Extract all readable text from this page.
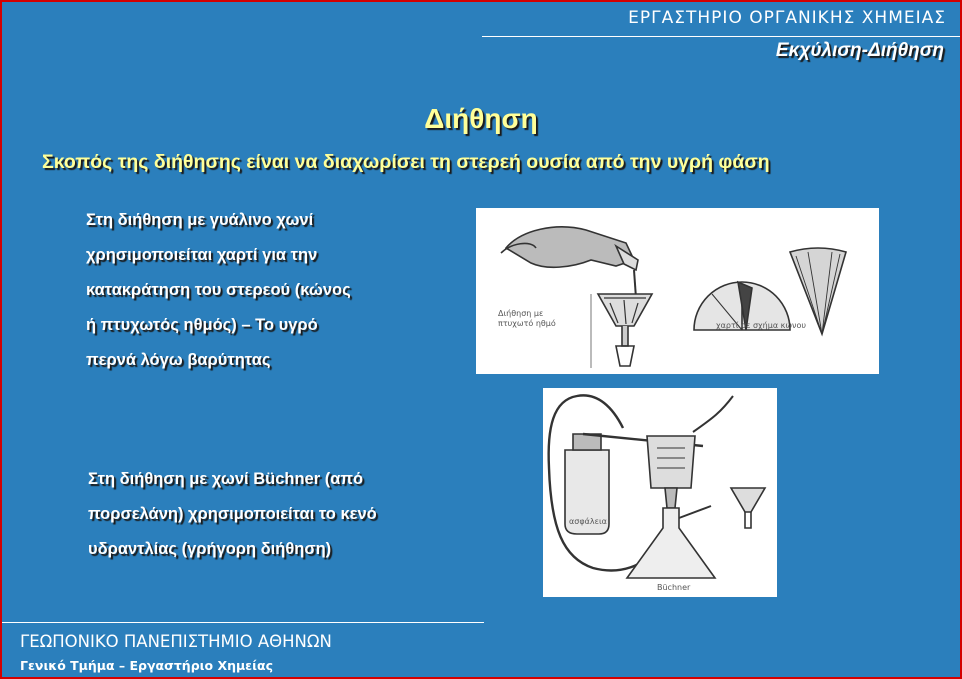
ΕΡΓΑΣΤΗΡΙΟ ΟΡΓΑΝΙΚΗΣ ΧΗΜΕΙΑΣ
Εκχύλιση-Διήθηση
Διήθηση
Σκοπός της διήθησης είναι να διαχωρίσει τη στερεή ουσία από την υγρή φάση
Στη διήθηση με γυάλινο χωνί
χρησιμοποιείται χαρτί για την
κατακράτηση του στερεού (κώνος
ή πτυχωτός ηθμός) – Το υγρό
περνά λόγω βαρύτητας
Διήθηση με
πτυχωτό ηθμό	χαρτί σε σχήμα κώνου
ασφάλεια
Büchner
Στη διήθηση με χωνί Büchner (από
πορσελάνη) χρησιμοποιείται το κενό
υδραντλίας (γρήγορη διήθηση)
ΓΕΩΠΟΝΙΚΟ ΠΑΝΕΠΙΣΤΗΜΙΟ ΑΘΗΝΩΝ
Γενικό Τμήμα – Εργαστήριο Χημείας
